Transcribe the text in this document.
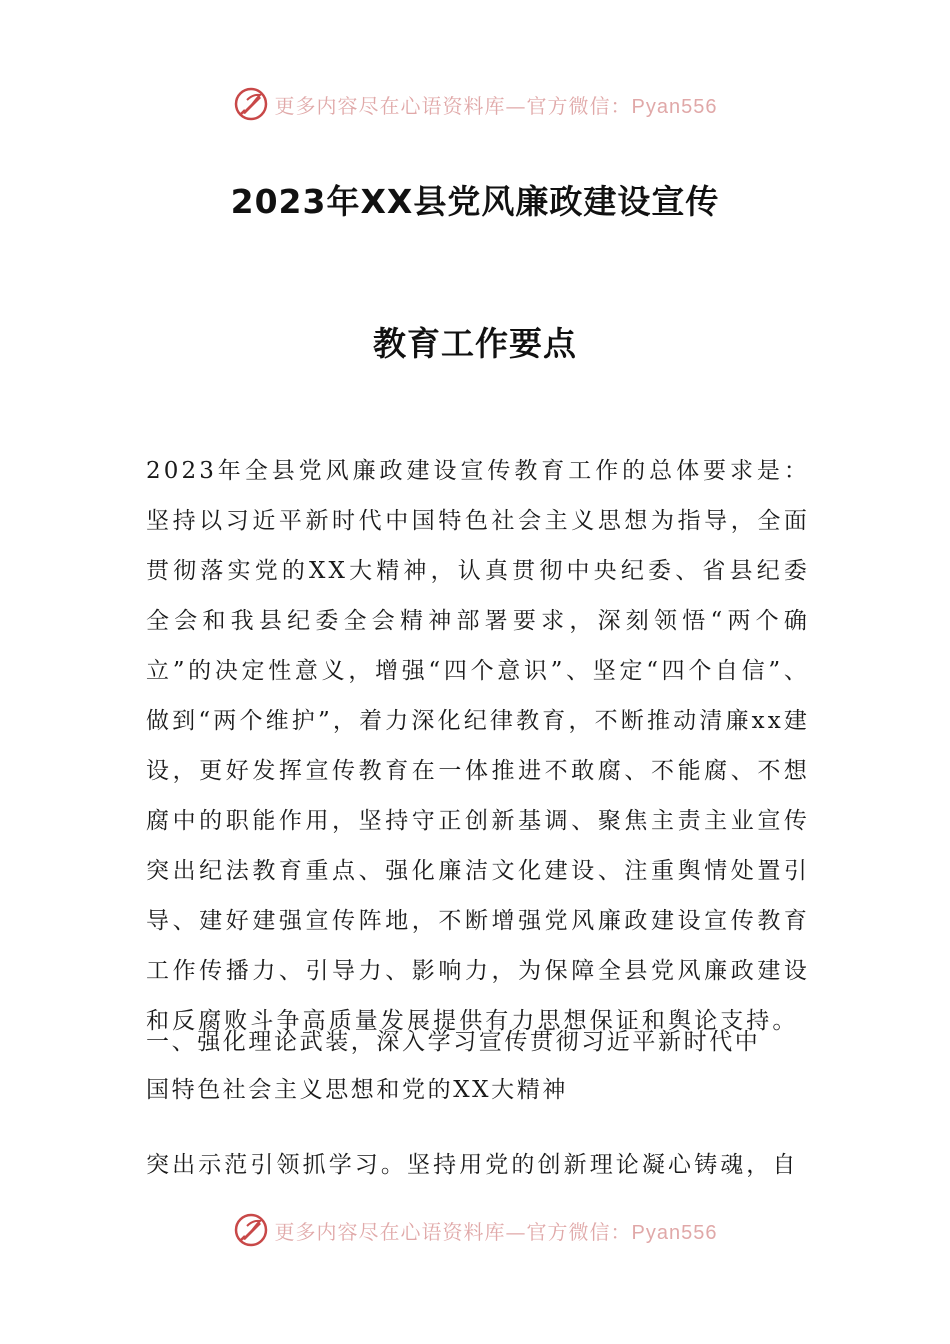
更多内容尽在心语资料库—官方微信：Pyan556
2023年XX县党风廉政建设宣传
教育工作要点

2023年全县党风廉政建设宣传教育工作的总体要求是：坚持以习近平新时代中国特色社会主义思想为指导，全面贯彻落实党的XX大精神，认真贯彻中央纪委、省县纪委全会和我县纪委全会精神部署要求，深刻领悟“两个确立”的决定性意义，增强“四个意识”、坚定“四个自信”、做到“两个维护”，着力深化纪律教育，不断推动清廉xx建设，更好发挥宣传教育在一体推进不敢腐、不能腐、不想腐中的职能作用，坚持守正创新基调、聚焦主责主业宣传突出纪法教育重点、强化廉洁文化建设、注重舆情处置引导、建好建强宣传阵地，不断增强党风廉政建设宣传教育工作传播力、引导力、影响力，为保障全县党风廉政建设和反腐败斗争高质量发展提供有力思想保证和舆论支持。

一、强化理论武装，深入学习宣传贯彻习近平新时代中
国特色社会主义思想和党的XX大精神

突出示范引领抓学习。坚持用党的创新理论凝心铸魂，自

更多内容尽在心语资料库—官方微信：Pyan556
